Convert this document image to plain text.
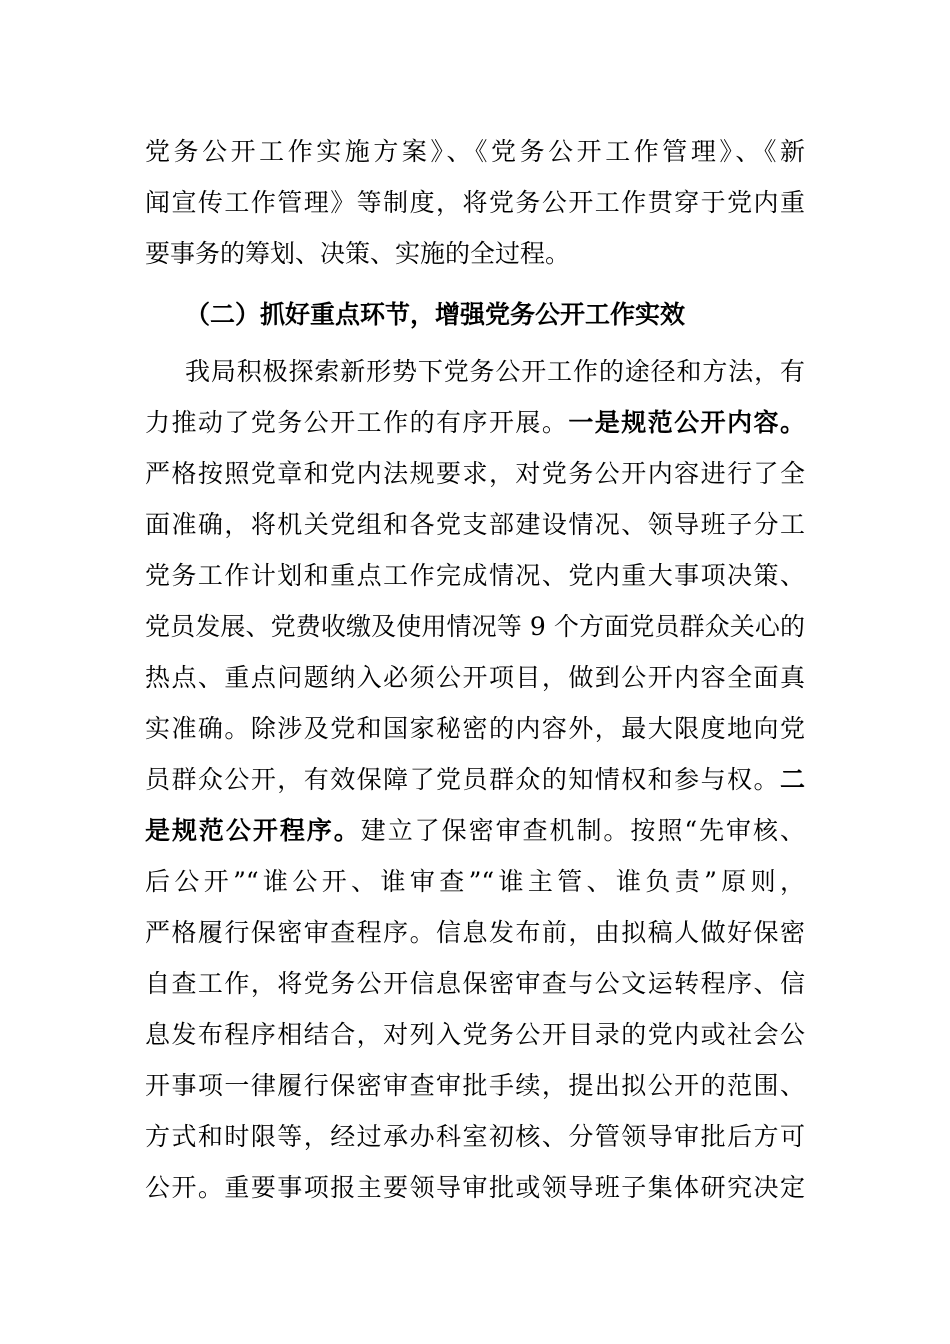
党务公开工作实施方案》、《党务公开工作管理》、《新
闻宣传工作管理》等制度，将党务公开工作贯穿于党内重
要事务的筹划、决策、实施的全过程。
（二）抓好重点环节，增强党务公开工作实效
我局积极探索新形势下党务公开工作的途径和方法，有
力推动了党务公开工作的有序开展。一是规范公开内容。
严格按照党章和党内法规要求，对党务公开内容进行了全
面准确，将机关党组和各党支部建设情况、领导班子分工
党务工作计划和重点工作完成情况、党内重大事项决策、
党员发展、党费收缴及使用情况等 9 个方面党员群众关心的
热点、重点问题纳入必须公开项目，做到公开内容全面真
实准确。除涉及党和国家秘密的内容外，最大限度地向党
员群众公开，有效保障了党员群众的知情权和参与权。二
是规范公开程序。建立了保密审查机制。按照“先审核、
后公开”“谁公开、谁审查”“谁主管、谁负责”原则，
严格履行保密审查程序。信息发布前，由拟稿人做好保密
自查工作，将党务公开信息保密审查与公文运转程序、信
息发布程序相结合，对列入党务公开目录的党内或社会公
开事项一律履行保密审查审批手续，提出拟公开的范围、
方式和时限等，经过承办科室初核、分管领导审批后方可
公开。重要事项报主要领导审批或领导班子集体研究决定
